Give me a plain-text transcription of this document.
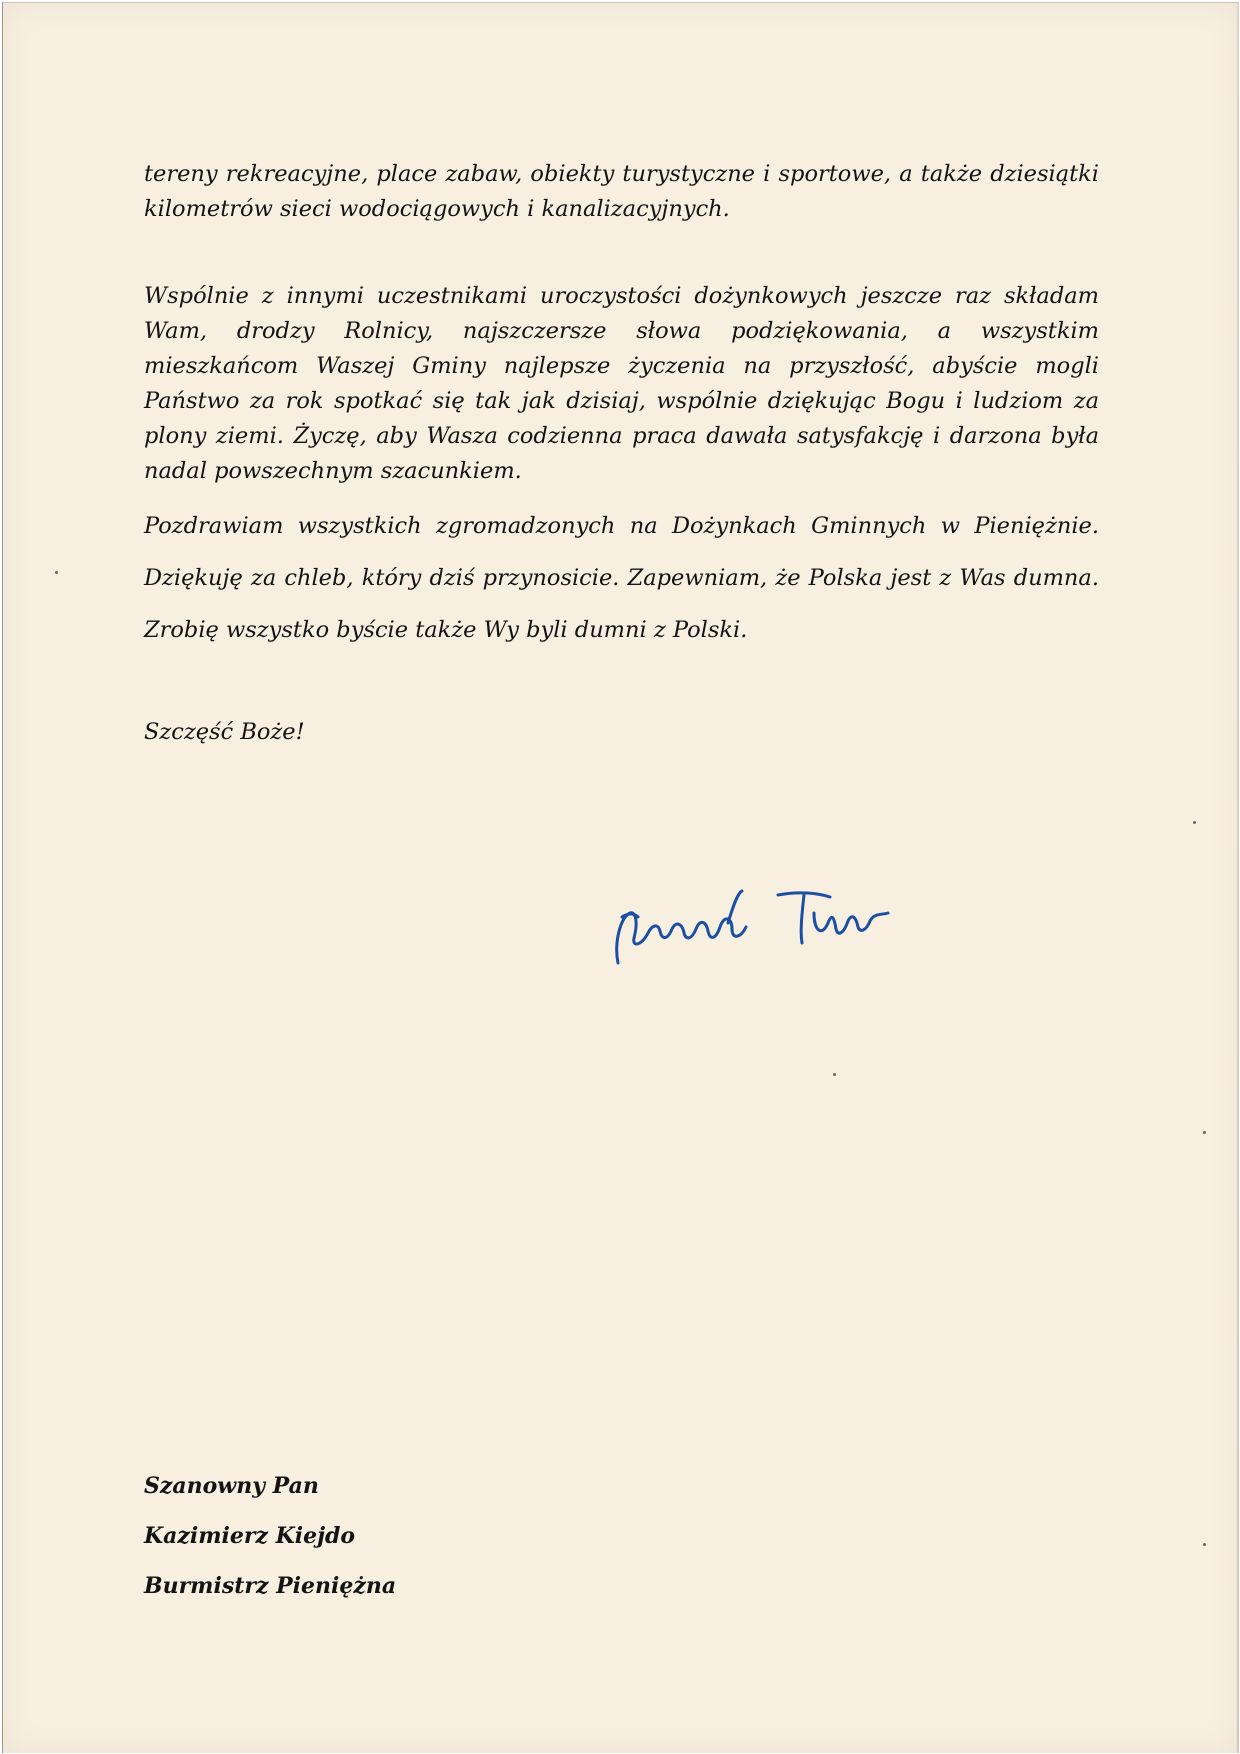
tereny rekreacyjne, place zabaw, obiekty turystyczne i sportowe, a także dziesiątki kilometrów sieci wodociągowych i kanalizacyjnych.

Wspólnie z innymi uczestnikami uroczystości dożynkowych jeszcze raz składam Wam, drodzy Rolnicy, najszczersze słowa podziękowania, a wszystkim mieszkańcom Waszej Gminy najlepsze życzenia na przyszłość, abyście mogli Państwo za rok spotkać się tak jak dzisiaj, wspólnie dziękując Bogu i ludziom za plony ziemi. Życzę, aby Wasza codzienna praca dawała satysfakcję i darzona była nadal powszechnym szacunkiem.

Pozdrawiam wszystkich zgromadzonych na Dożynkach Gminnych w Pieniężnie. Dziękuję za chleb, który dziś przynosicie. Zapewniam, że Polska jest z Was dumna. Zrobię wszystko byście także Wy byli dumni z Polski.

Szczęść Boże!

Szanowny Pan
Kazimierz Kiejdo
Burmistrz Pieniężna
